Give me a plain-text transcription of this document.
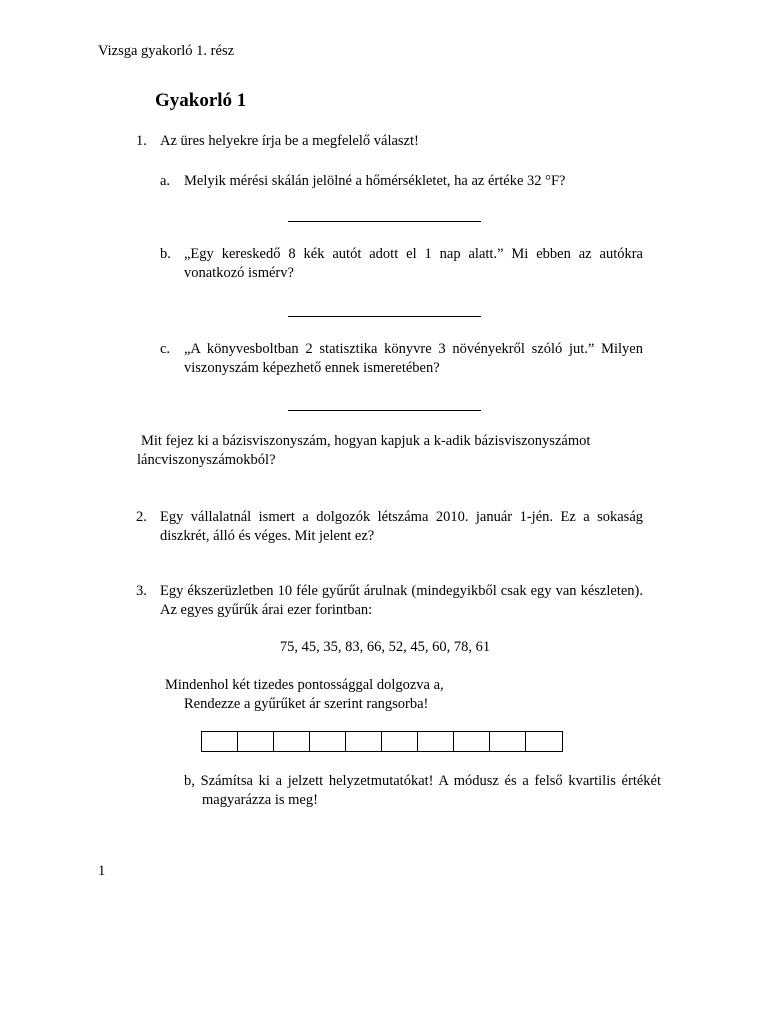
Vizsga gyakorló 1. rész
Gyakorló 1
1. Az üres helyekre írja be a megfelelő választ!
a. Melyik mérési skálán jelölné a hőmérsékletet, ha az értéke 32 °F?
b. „Egy kereskedő 8 kék autót adott el 1 nap alatt.” Mi ebben az autókra vonatkozó ismérv?
c. „A könyvesboltban 2 statisztika könyvre 3 növényekről szóló jut.” Milyen viszonyszám képezhető ennek ismeretében?
Mit fejez ki a bázisviszonyszám, hogyan kapjuk a k-adik bázisviszonyszámot láncviszonyszámokból?
2. Egy vállalatnál ismert a dolgozók létszáma 2010. január 1-jén. Ez a sokaság diszkrét, álló és véges. Mit jelent ez?
3. Egy ékszerüzletben 10 féle gyűrűt árulnak (mindegyikből csak egy van készleten). Az egyes gyűrűk árai ezer forintban:
75, 45, 35, 83, 66, 52, 45, 60, 78, 61
Mindenhol két tizedes pontossággal dolgozva a,
Rendezze a gyűrűket ár szerint rangsorba!
b, Számítsa ki a jelzett helyzetmutatókat! A módusz és a felső kvartilis értékét magyarázza is meg!
1
